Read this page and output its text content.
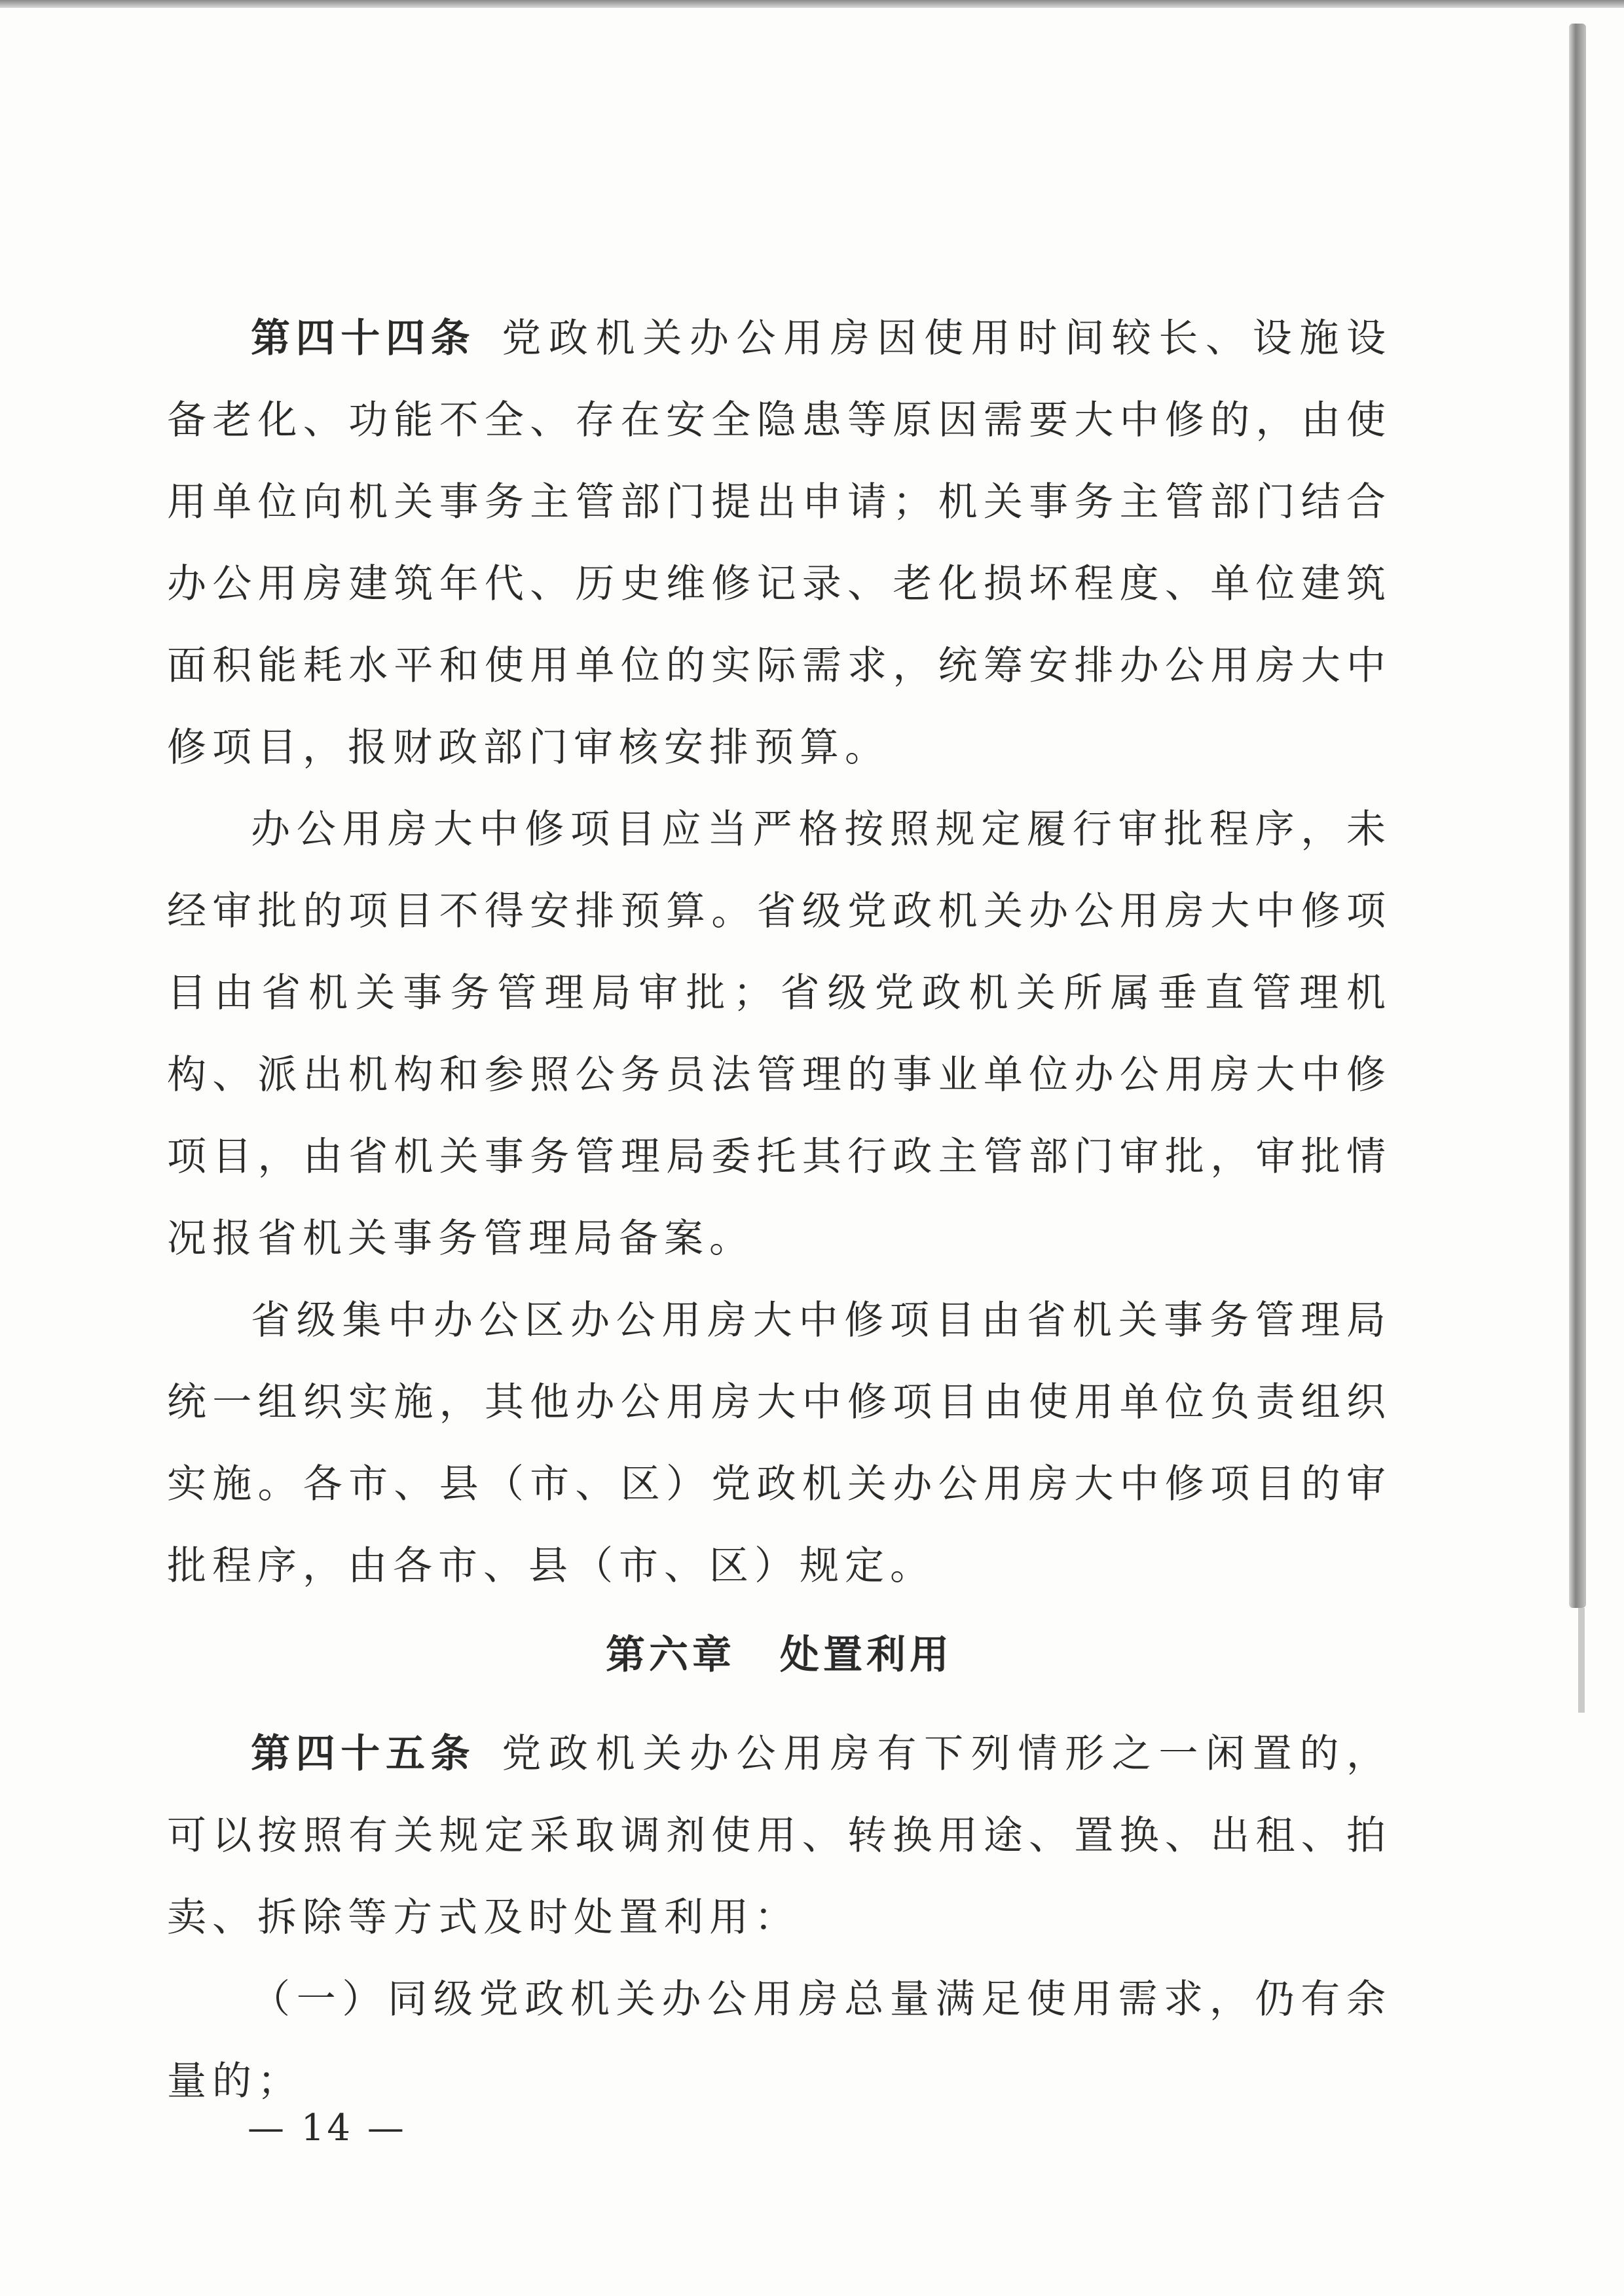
第四十四条 党政机关办公用房因使用时间较长、设施设备老化、功能不全、存在安全隐患等原因需要大中修的，由使用单位向机关事务主管部门提出申请；机关事务主管部门结合办公用房建筑年代、历史维修记录、老化损坏程度、单位建筑面积能耗水平和使用单位的实际需求，统筹安排办公用房大中修项目，报财政部门审核安排预算。

办公用房大中修项目应当严格按照规定履行审批程序，未经审批的项目不得安排预算。省级党政机关办公用房大中修项目由省机关事务管理局审批；省级党政机关所属垂直管理机构、派出机构和参照公务员法管理的事业单位办公用房大中修项目，由省机关事务管理局委托其行政主管部门审批，审批情况报省机关事务管理局备案。

省级集中办公区办公用房大中修项目由省机关事务管理局统一组织实施，其他办公用房大中修项目由使用单位负责组织实施。各市、县（市、区）党政机关办公用房大中修项目的审批程序，由各市、县（市、区）规定。

第六章 处置利用

第四十五条 党政机关办公用房有下列情形之一闲置的，可以按照有关规定采取调剂使用、转换用途、置换、出租、拍卖、拆除等方式及时处置利用：

（一）同级党政机关办公用房总量满足使用需求，仍有余量的；

— 14 —
